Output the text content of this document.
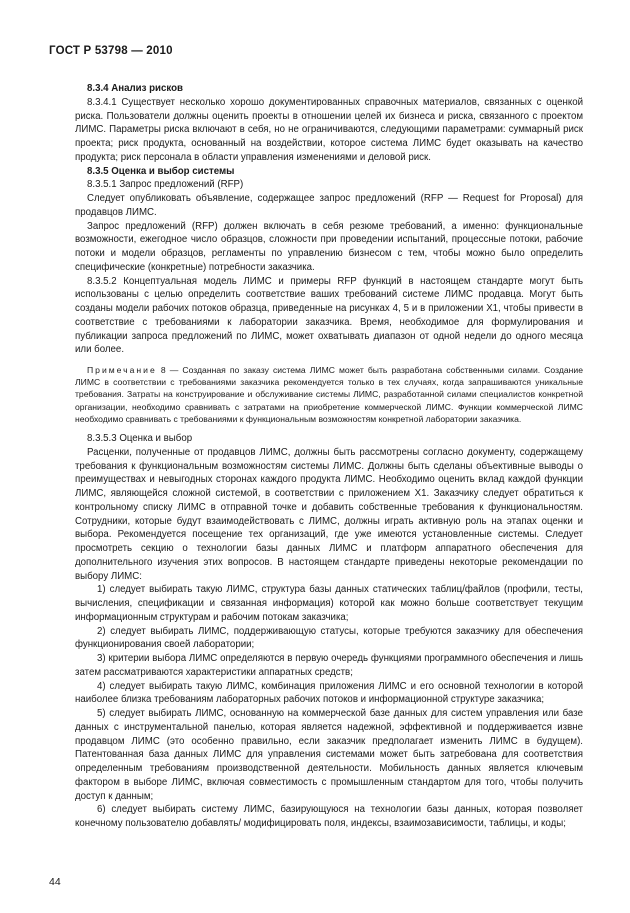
ГОСТ Р 53798 — 2010

8.3.4 Анализ рисков

8.3.4.1 Существует несколько хорошо документированных справочных материалов, связанных с оценкой риска. Пользователи должны оценить проекты в отношении целей их бизнеса и риска, связанного с проектом ЛИМС. Параметры риска включают в себя, но не ограничиваются, следующими параметрами: суммарный риск проекта; риск продукта, основанный на воздействии, которое система ЛИМС будет оказывать на качество продукта; риск персонала в области управления изменениями и деловой риск.

8.3.5 Оценка и выбор системы

8.3.5.1 Запрос предложений (RFP)

Следует опубликовать объявление, содержащее запрос предложений (RFP — Request for Proposal) для продавцов ЛИМС.

Запрос предложений (RFP) должен включать в себя резюме требований, а именно: функциональные возможности, ежегодное число образцов, сложности при проведении испытаний, процессные потоки, рабочие потоки и модели образцов, регламенты по управлению бизнесом с тем, чтобы можно было определить специфические (конкретные) потребности заказчика.

8.3.5.2 Концептуальная модель ЛИМС и примеры RFP функций в настоящем стандарте могут быть использованы с целью определить соответствие ваших требований системе ЛИМС продавца. Могут быть созданы модели рабочих потоков образца, приведенные на рисунках 4, 5 и в приложении Х1, чтобы привести в соответствие с требованиями к лаборатории заказчика. Время, необходимое для формулирования и публикации запроса предложений по ЛИМС, может охватывать диапазон от одной недели до одного месяца или более.

Примечание 8 — Созданная по заказу система ЛИМС может быть разработана собственными силами. Создание ЛИМС в соответствии с требованиями заказчика рекомендуется только в тех случаях, когда запрашиваются уникальные требования. Затраты на конструирование и обслуживание системы ЛИМС, разработанной силами специалистов конкретной организации, необходимо сравнивать с затратами на приобретение коммерческой ЛИМС. Функции коммерческой ЛИМС необходимо сравнивать с требованиями к функциональным возможностям конкретной лаборатории заказчика.

8.3.5.3 Оценка и выбор

Расценки, полученные от продавцов ЛИМС, должны быть рассмотрены согласно документу, содержащему требования к функциональным возможностям системы ЛИМС. Должны быть сделаны объективные выводы о преимуществах и невыгодных сторонах каждого продукта ЛИМС. Необходимо оценить вклад каждой функции ЛИМС, являющейся сложной системой, в соответствии с приложением Х1. Заказчику следует обратиться к контрольному списку ЛИМС в отправной точке и добавить собственные требования к функциональностям. Сотрудники, которые будут взаимодействовать с ЛИМС, должны играть активную роль на этапах оценки и выбора. Рекомендуется посещение тех организаций, где уже имеются установленные системы. Следует просмотреть секцию о технологии базы данных ЛИМС и платформ аппаратного обеспечения для дополнительного изучения этих вопросов. В настоящем стандарте приведены некоторые рекомендации по выбору ЛИМС:

1) следует выбирать такую ЛИМС, структура базы данных статических таблиц/файлов (профили, тесты, вычисления, спецификации и связанная информация) которой как можно больше соответствует текущим информационным структурам и рабочим потокам заказчика;

2) следует выбирать ЛИМС, поддерживающую статусы, которые требуются заказчику для обеспечения функционирования своей лаборатории;

3) критерии выбора ЛИМС определяются в первую очередь функциями программного обеспечения и лишь затем рассматриваются характеристики аппаратных средств;

4) следует выбирать такую ЛИМС, комбинация приложения ЛИМС и его основной технологии в которой наиболее близка требованиям лабораторных рабочих потоков и информационной структуре заказчика;

5) следует выбирать ЛИМС, основанную на коммерческой базе данных для систем управления или базе данных с инструментальной панелью, которая является надежной, эффективной и поддерживается извне продавцом ЛИМС (это особенно правильно, если заказчик предполагает изменить ЛИМС в будущем). Патентованная база данных ЛИМС для управления системами может быть затребована для соответствия определенным требованиям производственной деятельности. Мобильность данных является ключевым фактором в выборе ЛИМС, включая совместимость с промышленным стандартом для того, чтобы получить доступ к данным;

6) следует выбирать систему ЛИМС, базирующуюся на технологии базы данных, которая позволяет конечному пользователю добавлять/ модифицировать поля, индексы, взаимозависимости, таблицы, и коды;

44
